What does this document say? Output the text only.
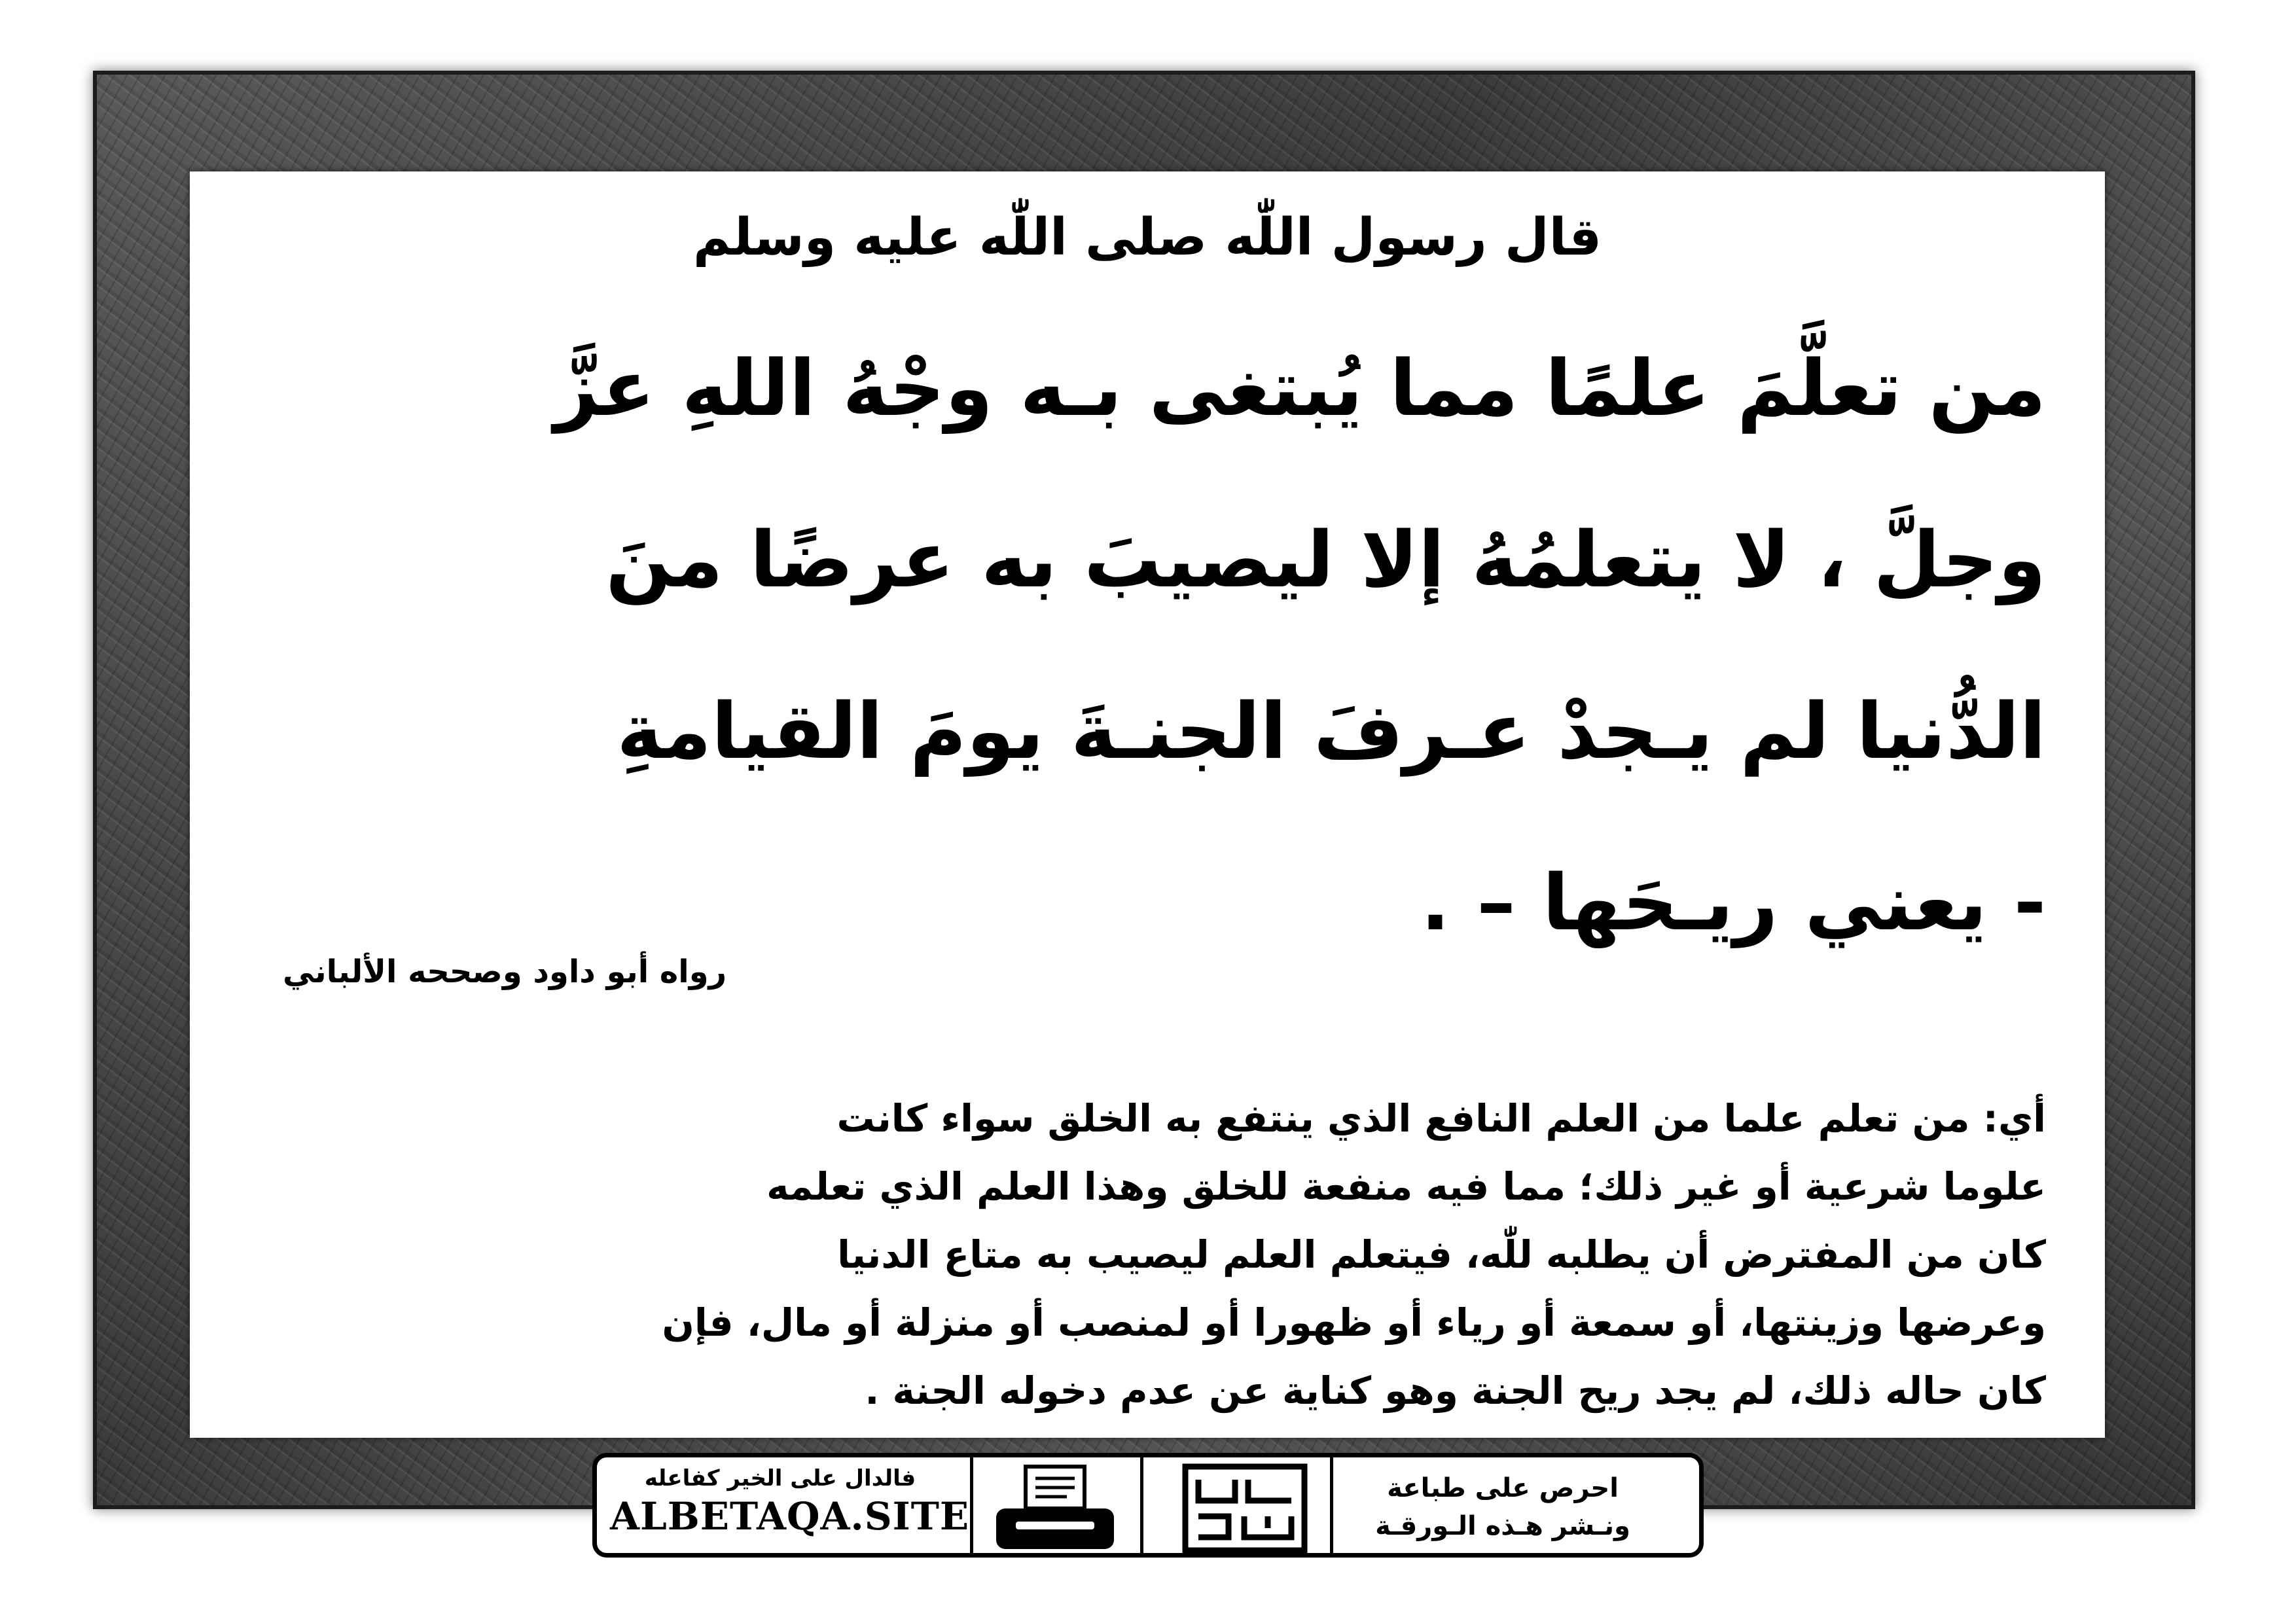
قال رسول اللّٰه صلى اللّٰه عليه وسلم

من تعلَّمَ علمًا مما يُبتغى بـه وجْهُ اللهِ عزَّ

وجلَّ ، لا يتعلمُهُ إلا ليصيبَ به عرضًا منَ

الدُّنيا لم يـجدْ عـرفَ الجنـةَ يومَ القيامةِ

- يعني ريـحَها – .

رواه أبو داود وصححه الألباني

أي: من تعلم علما من العلم النافع الذي ينتفع به الخلق سواء كانت

علوما شرعية أو غير ذلك؛ مما فيه منفعة للخلق وهذا العلم الذي تعلمه

كان من المفترض أن يطلبه للّٰه، فيتعلم العلم ليصيب به متاع الدنيا

وعرضها وزينتها، أو سمعة أو رياء أو ظهورا أو لمنصب أو منزلة أو مال، فإن

كان حاله ذلك، لم يجد ريح الجنة وهو كناية عن عدم دخوله الجنة .

فالدال على الخير كفاعله
ALBETAQA.SITE
احرص على طباعة
ونـشر هـذه الـورقـة
